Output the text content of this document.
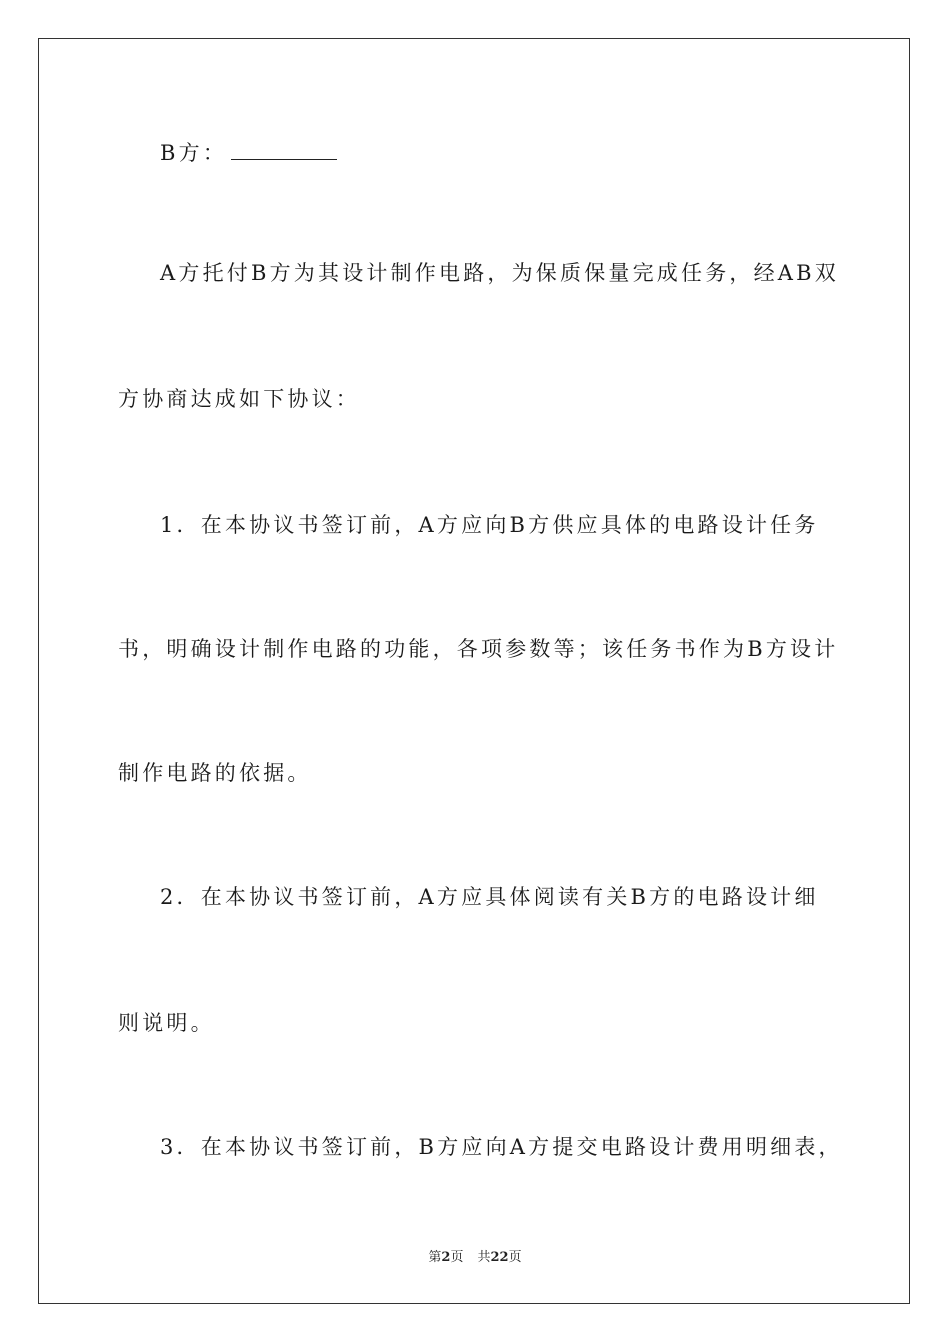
B方：
A方托付B方为其设计制作电路，为保质保量完成任务，经AB双
方协商达成如下协议：
1．在本协议书签订前，A方应向B方供应具体的电路设计任务
书，明确设计制作电路的功能，各项参数等；该任务书作为B方设计
制作电路的依据。
2．在本协议书签订前，A方应具体阅读有关B方的电路设计细
则说明。
3．在本协议书签订前，B方应向A方提交电路设计费用明细表，
第2页 共22页
